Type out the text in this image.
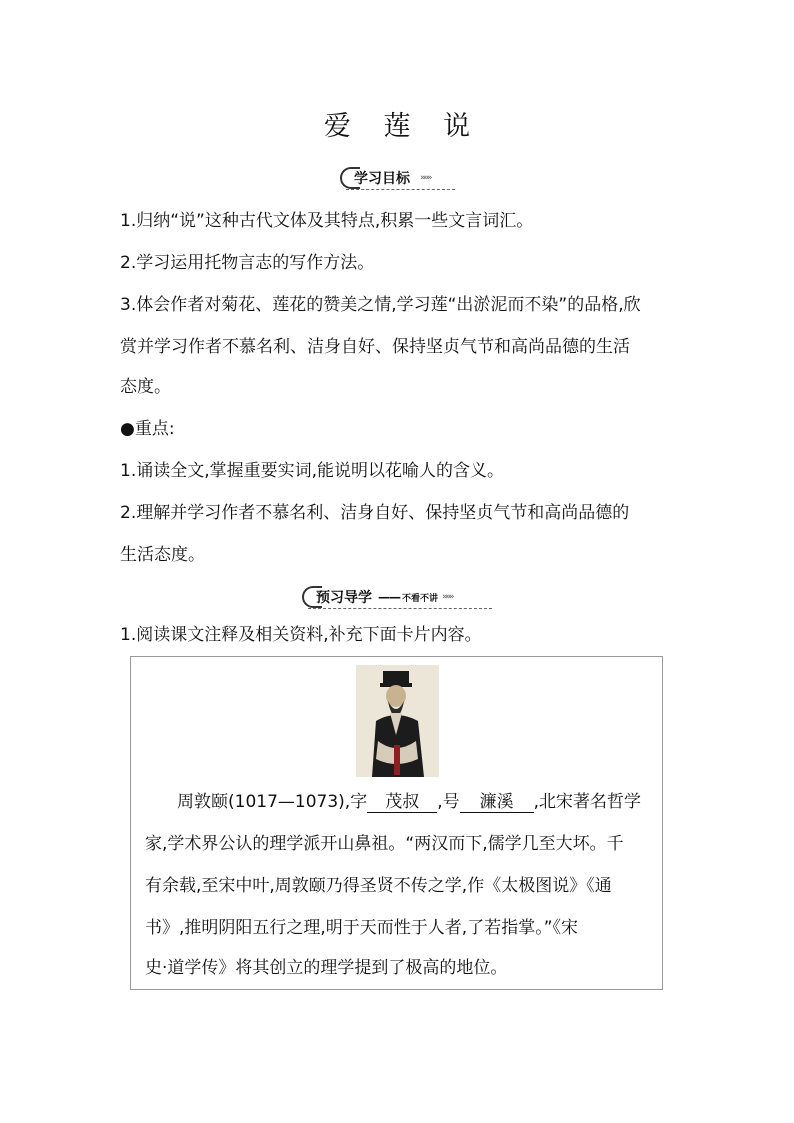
爱 莲 说
学习目标	»»»
1.归纳“说”这种古代文体及其特点,积累一些文言词汇。
2.学习运用托物言志的写作方法。
3.体会作者对菊花、莲花的赞美之情,学习莲“出淤泥而不染”的品格,欣
赏并学习作者不慕名利、洁身自好、保持坚贞气节和高尚品德的生活
态度。
●重点:
1.诵读全文,掌握重要实词,能说明以花喻人的含义。
2.理解并学习作者不慕名利、洁身自好、保持坚贞气节和高尚品德的
生活态度。
预习导学 —— 不看不讲 »»»
1.阅读课文注释及相关资料,补充下面卡片内容。
周敦颐(1017—1073),字 茂叔 ,号 濂溪 ,北宋著名哲学
家,学术界公认的理学派开山鼻祖。“两汉而下,儒学几至大坏。千
有余载,至宋中叶,周敦颐乃得圣贤不传之学,作《太极图说》《通
书》,推明阴阳五行之理,明于天而性于人者,了若指掌。”《宋
史·道学传》将其创立的理学提到了极高的地位。
